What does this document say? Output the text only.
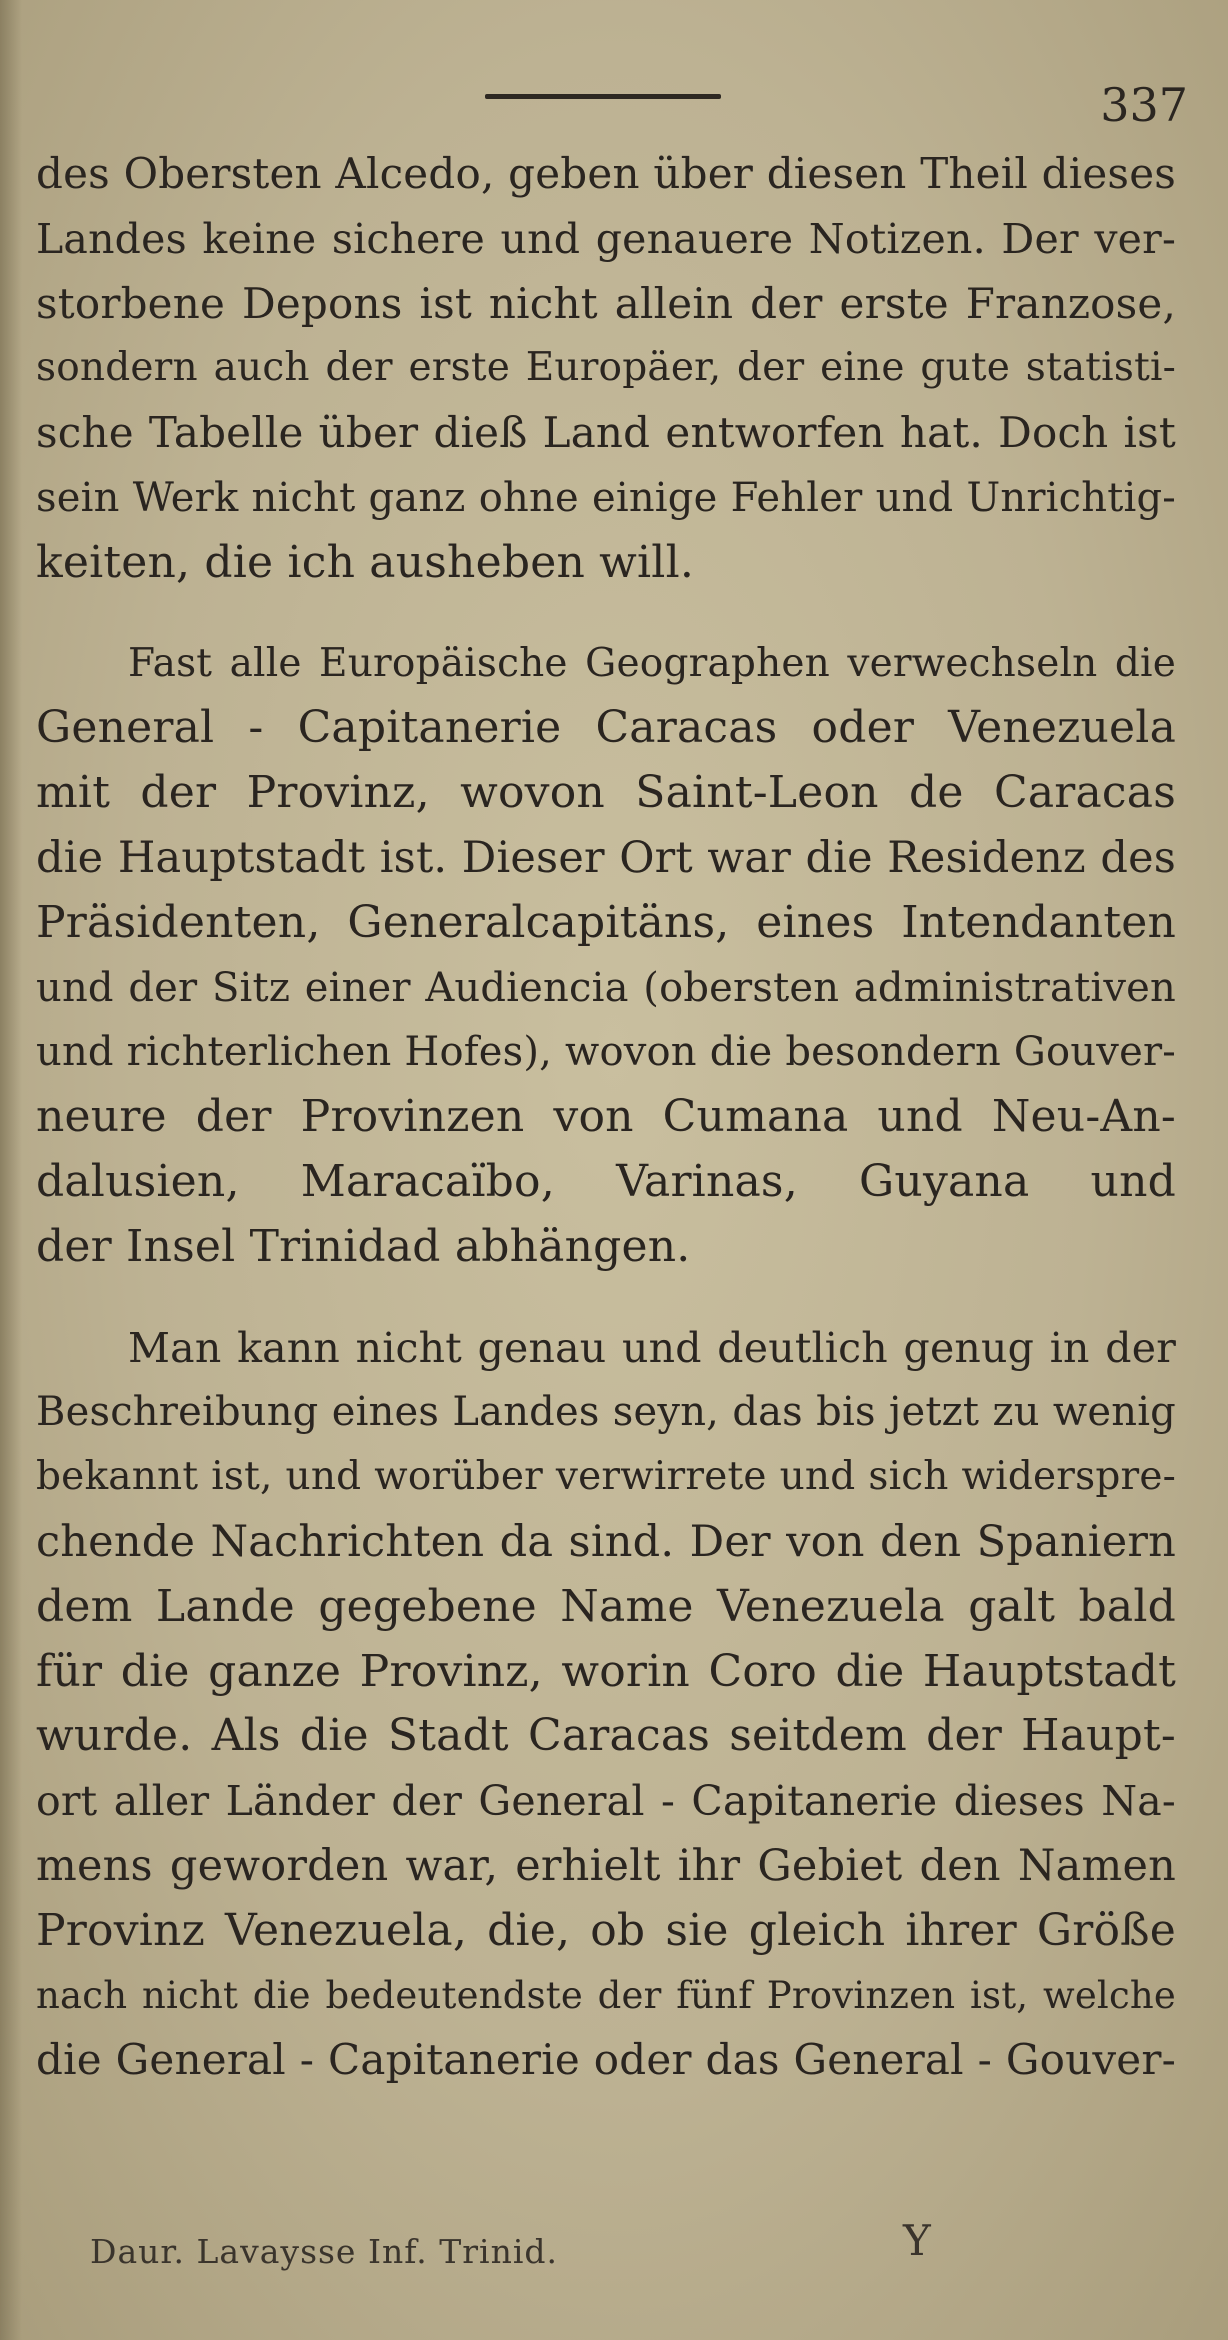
337
des Obersten Alcedo, geben über diesen Theil dieses
Landes keine sichere und genauere Notizen. Der ver-
storbene Depons ist nicht allein der erste Franzose,
sondern auch der erste Europäer, der eine gute statisti-
sche Tabelle über dieß Land entworfen hat. Doch ist
sein Werk nicht ganz ohne einige Fehler und Unrichtig-
keiten, die ich ausheben will.
Fast alle Europäische Geographen verwechseln die
General - Capitanerie Caracas oder Venezuela
mit der Provinz, wovon Saint-Leon de Caracas
die Hauptstadt ist. Dieser Ort war die Residenz des
Präsidenten, Generalcapitäns, eines Intendanten
und der Sitz einer Audiencia (obersten administrativen
und richterlichen Hofes), wovon die besondern Gouver-
neure der Provinzen von Cumana und Neu-An-
dalusien, Maracaïbo, Varinas, Guyana und
der Insel Trinidad abhängen.
Man kann nicht genau und deutlich genug in der
Beschreibung eines Landes seyn, das bis jetzt zu wenig
bekannt ist, und worüber verwirrete und sich widerspre-
chende Nachrichten da sind. Der von den Spaniern
dem Lande gegebene Name Venezuela galt bald
für die ganze Provinz, worin Coro die Hauptstadt
wurde. Als die Stadt Caracas seitdem der Haupt-
ort aller Länder der General - Capitanerie dieses Na-
mens geworden war, erhielt ihr Gebiet den Namen
Provinz Venezuela, die, ob sie gleich ihrer Größe
nach nicht die bedeutendste der fünf Provinzen ist, welche
die General - Capitanerie oder das General - Gouver-
Daur. Lavaysse Inf. Trinid.	Y
